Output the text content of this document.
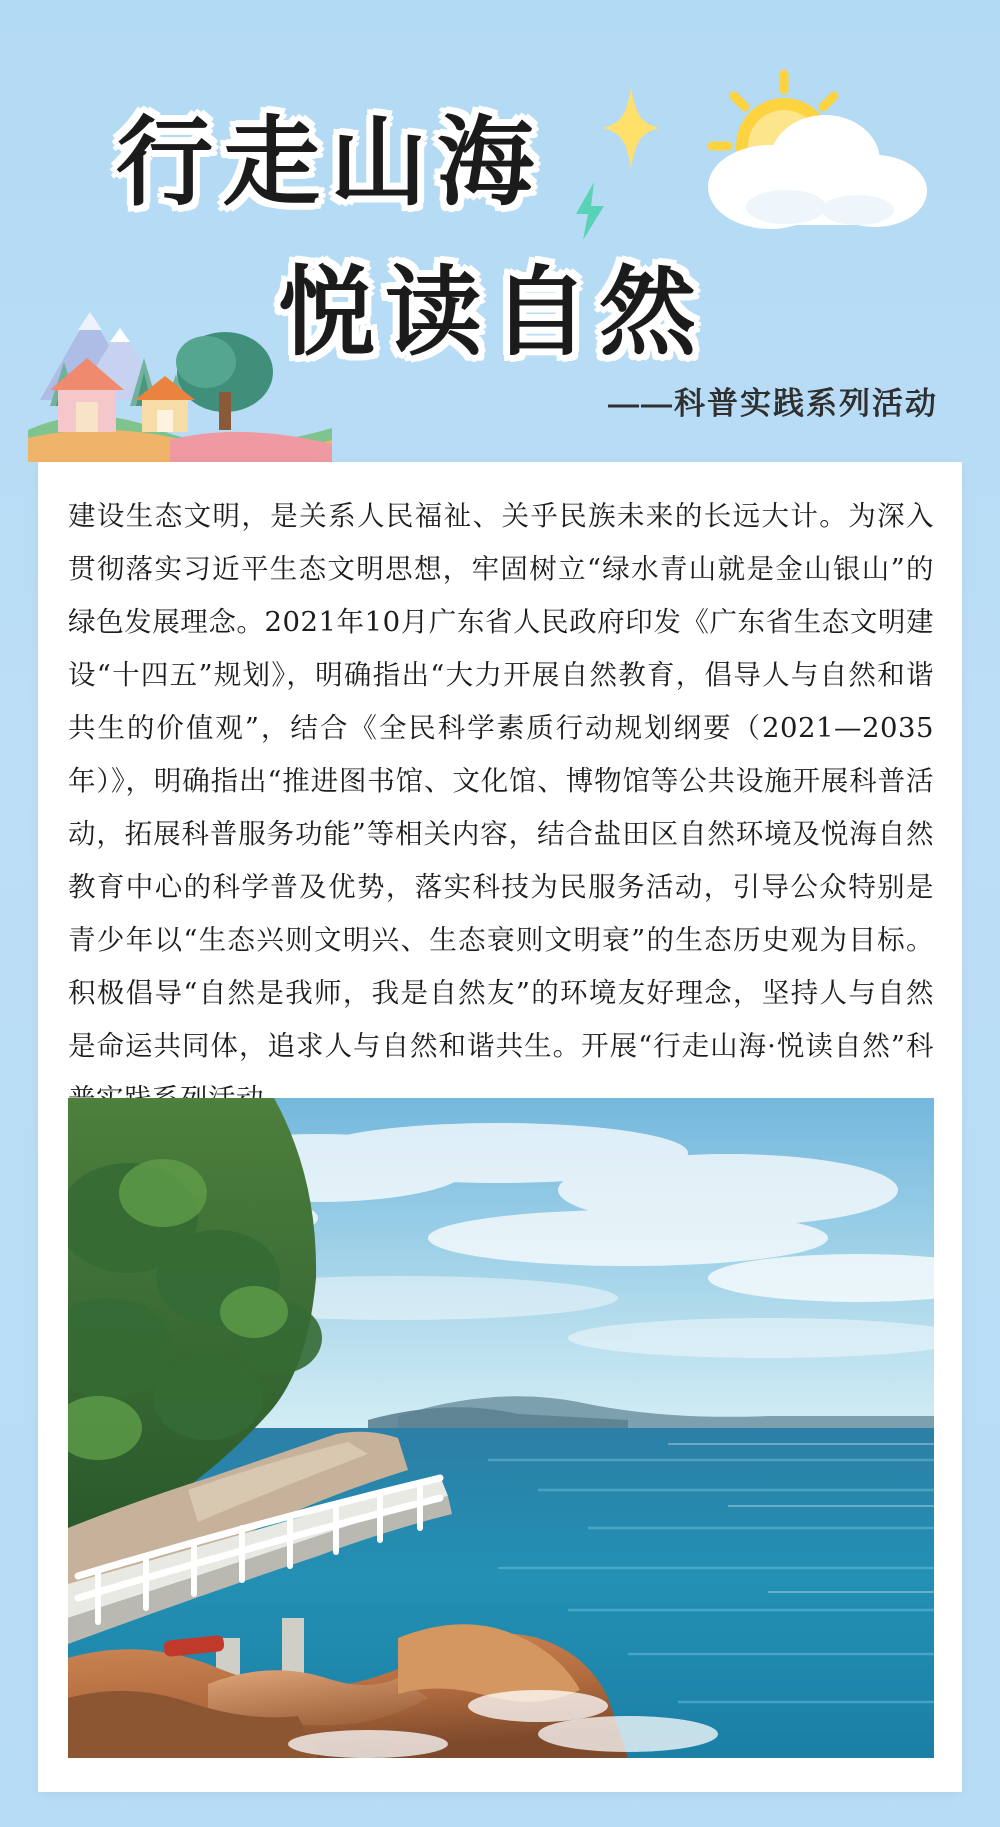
行走山海
悦读自然
——科普实践系列活动
建设生态文明，是关系人民福祉、关乎民族未来的长远大计。为深入贯彻落实习近平生态文明思想，牢固树立“绿水青山就是金山银山”的绿色发展理念。2021年10月广东省人民政府印发《广东省生态文明建设“十四五”规划》，明确指出“大力开展自然教育，倡导人与自然和谐共生的价值观”，结合《全民科学素质行动规划纲要（2021—2035年）》，明确指出“推进图书馆、文化馆、博物馆等公共设施开展科普活动，拓展科普服务功能”等相关内容，结合盐田区自然环境及悦海自然教育中心的科学普及优势，落实科技为民服务活动，引导公众特别是青少年以“生态兴则文明兴、生态衰则文明衰”的生态历史观为目标。积极倡导“自然是我师，我是自然友”的环境友好理念，坚持人与自然是命运共同体，追求人与自然和谐共生。开展“行走山海·悦读自然”科
